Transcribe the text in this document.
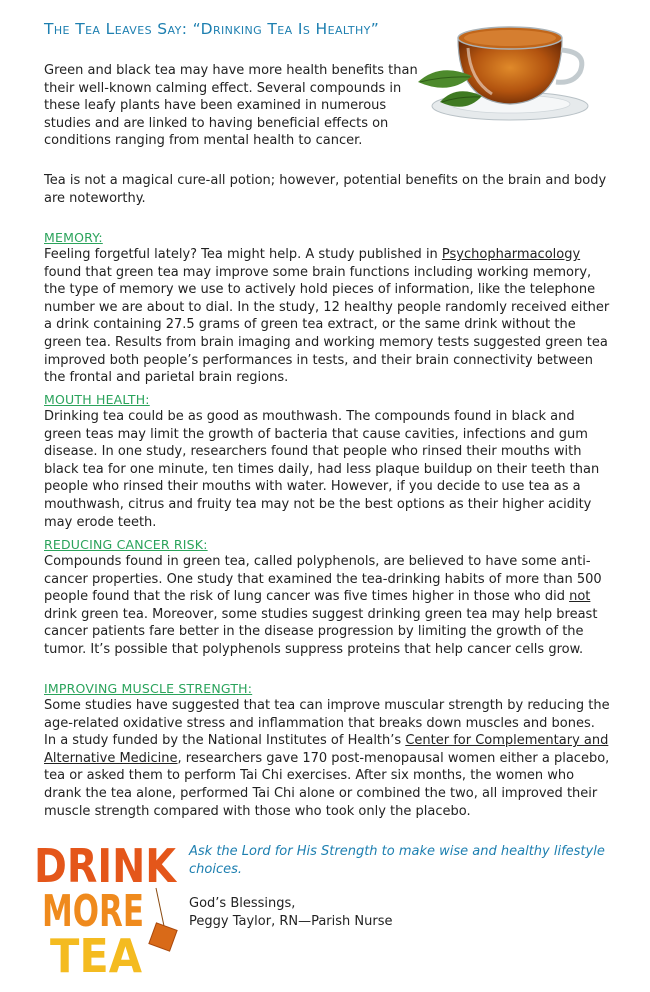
The Tea Leaves Say: “Drinking Tea Is Healthy”
Green and black tea may have more health benefits than their well-known calming effect. Several compounds in these leafy plants have been examined in numerous studies and are linked to having beneficial effects on conditions ranging from mental health to cancer.
Tea is not a magical cure-all potion; however, potential benefits on the brain and body are noteworthy.
MEMORY:
Feeling forgetful lately? Tea might help. A study published in Psychopharmacology found that green tea may improve some brain functions including working memory, the type of memory we use to actively hold pieces of information, like the telephone number we are about to dial. In the study, 12 healthy people randomly received either a drink containing 27.5 grams of green tea extract, or the same drink without the green tea. Results from brain imaging and working memory tests suggested green tea improved both people’s performances in tests, and their brain connectivity between the frontal and parietal brain regions.
MOUTH HEALTH:
Drinking tea could be as good as mouthwash. The compounds found in black and green teas may limit the growth of bacteria that cause cavities, infections and gum disease. In one study, researchers found that people who rinsed their mouths with black tea for one minute, ten times daily, had less plaque buildup on their teeth than people who rinsed their mouths with water. However, if you decide to use tea as a mouthwash, citrus and fruity tea may not be the best options as their higher acidity may erode teeth.
REDUCING CANCER RISK:
Compounds found in green tea, called polyphenols, are believed to have some anti-cancer properties. One study that examined the tea-drinking habits of more than 500 people found that the risk of lung cancer was five times higher in those who did not drink green tea. Moreover, some studies suggest drinking green tea may help breast cancer patients fare better in the disease progression by limiting the growth of the tumor. It’s possible that polyphenols suppress proteins that help cancer cells grow.
IMPROVING MUSCLE STRENGTH:
Some studies have suggested that tea can improve muscular strength by reducing the age-related oxidative stress and inflammation that breaks down muscles and bones. In a study funded by the National Institutes of Health’s Center for Complementary and Alternative Medicine, researchers gave 170 post-menopausal women either a placebo, tea or asked them to perform Tai Chi exercises. After six months, the women who drank the tea alone, performed Tai Chi alone or combined the two, all improved their muscle strength compared with those who took only the placebo.
DRINK
MORE
TEA
Ask the Lord for His Strength to make wise and healthy lifestyle choices.
God’s Blessings,
Peggy Taylor, RN—Parish Nurse
